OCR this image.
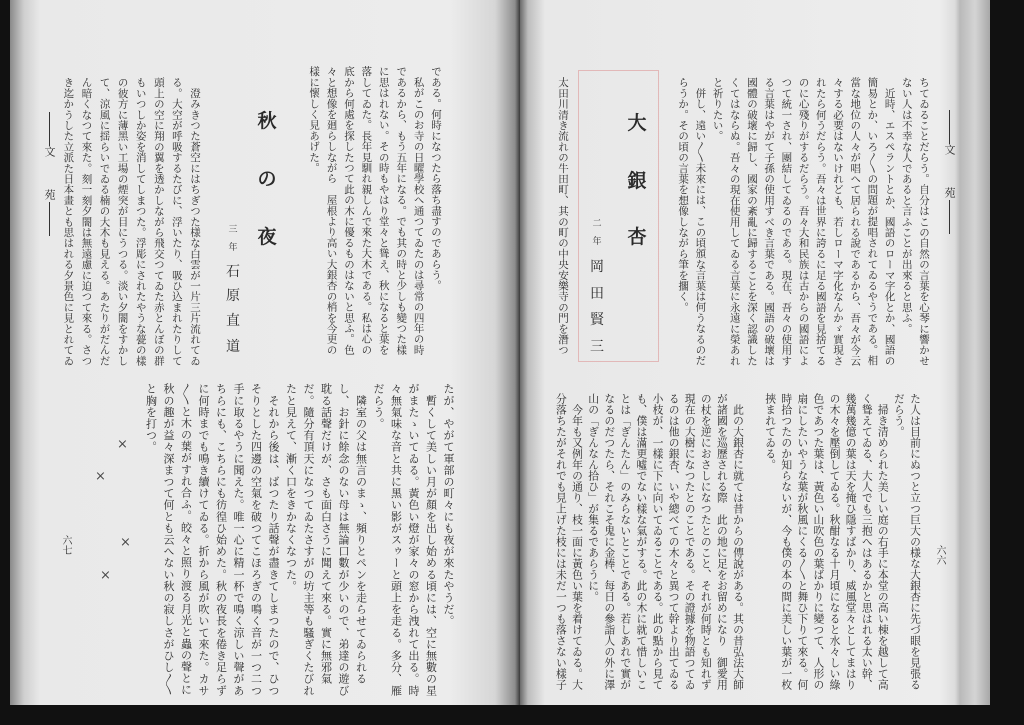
文苑
ちてゐることだらう。自分はこの自然の言葉を心琴に響かせ
ない人は不幸な人であると言ふことが出來ると思ふ。
　近時、エスペラントとか、國語のローマ字化とか、國語の
簡易とか、いろ〳〵の問題が提唱されてゐるやうである。相
當な地位の人々が唱へて居られる說であるから、吾々が今云
々する必要はないけれども、若しローマ字化なんかゞ實現さ
れたら何うだらう。吾々は世界に誇るに足る國語を見捨てる
のに心殘りがするだらう。吾々大和民族は古からの國語によ
つて統一され、團結してゐるのである。現在、吾々の使用す
る言葉はやがて子孫の使用すべき言葉である。國語の破壞は
國體の破壞に歸し、國家の紊亂に歸することを深く認識した
くてはならぬ。吾々の現在使用してゐる言葉に永遠に榮あれ
と祈りたい。
　併し、遠い〳〵未來には、この頃頒な言葉は何うなるのだ
らうか。その頃の言葉を想像しながら筆を擱く。
大
銀
杏
二
年
岡
田
賢
三
太田川清き流れの牛田町、其の町の中央安樂寺の門を潛つ
た人は目前にぬつと立つ巨大の様な大銀杏に先づ眼を見張る
だらう。
　掃き清められた美しい庭の右手に本堂の高い棟を越して高
く聳えてゐる、大人でも三抱へはあるかと思はれる太い幹、
幾萬幾億の葉は天を掩ひ隱すばかり、威風堂々としてまはり
の木々を壓倒してゐる。秋酣なる十月頃になると水々しい綠
色であつた葉は、黃色い山吹色の葉ばかりに變つて、人形の
扇にしたいやうな葉が秋風にくる〳〵と舞ひ下りて來る。何
時拾つたのか知らないが、今も僕の本の間に美しい葉が一枚
挾まれてゐる。
　此の大銀杏に就ては昔からの傳說がある。其の昔弘法大師
が諸國を巡歷される際　此の地に足をお留めになり　御愛用
の杖を逆におさしになつたとのこと、それが何時とも知れず
現在の大樹になつたとのことである。その證據を物語つてゐ
るのは他の銀杏、いや總べての木々と異つて幹より出てゐる
小枝が、一樣に下に向いてゐることである。此の點から見て
も、僕は滿更噓でない樣な氣がする。此の木に就て惜しいこ
とは「ぎんたん」のみらないとことである。若しあれで實が
なるのだつたら、それこそ鬼に金棒、每日の參詣人の外に澤
山の「ぎんなん拾ひ」が集るであらうに。
　今年も又例年の通り、枝一面に黃色い葉を着けてゐる。大
分落ちたがそれでも見上げた枝には未だ一つも落さない樣子	六六
文苑	である。何時になつたら落ち盡すのであらう。
　私がこのお寺の日曜學校へ通つてゐたのは尋常の四年の時
であるから、もう五年になる。でも其の時と少しも變つた樣
に思はれない。その時もやはり堂々と聳え、秋になると葉を
落してゐた。長年見馴れ親しんで來た大木である。私は心の
底から何處を探したつて此の木に優るものはないと思ふ。色
々と想像を廻らしながら　屋根より高い大銀杏の梢を今更の
樣に懷しく見あげた。
秋
の
夜
三
年
石
原
直
道
　澄みきつた蒼空にはちぎつた様な白雲が一片三片流れてゐ
る。大空が呼吸するたびに、浮いたり、吸ひ込まれたりして
頭上の空に翔の翼を透かしながら飛交つてゐた赤とんぼの群
もいつしか姿を消してしまつた。浮彫にされたやうな甍の樣
の彼方に薄黑い工場の煙突が目にうつる。淡い夕闇をすかし
て、涼風に揺らいでゐる楠の大木も見える。あたりがだんだ
ん暗くなつて來た。刻一刻夕闇は無遠慮に迫つて來る。さつ
き迄かうした立派た日本畫とも思はれる夕景色に見とれてゐ
たが、やがて軍部の町々にも夜が來たやうだ。
　暫くして美しい月が顏を出し始める頃には、空に無數の星
がまたゝいてゐる。黃色い燈が家々の窓から洩れて出る。時
々無氣味な音と共に黑い影がスゥーと頭上を走る。多分、雁
だらう。
　隣室の父は無言のまゝ、頻りとペンを走らせてゐられる
し、お針に餘念のない母は無論口數が少いので、弟達の遊び
耽る話聲だけが、さも面白さうに聞えて來る。實に無邪氣
だ。隨分有頂天になつてゐたさすがの坊主等も騷ぎくたびれ
たと見えて、漸く口をきかなくなつた。
　それから後は、ばつたり話聲が盡きてしまつたので、ひつ
そりとした四邊の空氣を破つてこほろぎの鳴く音が一つ二つ
手に取るやうに聞えた。唯一心に精一杯で鳴く涼しい聲があ
ちらにも、こちらにも彷徨ひ始めた。秋の夜長を倦き足らず
に何時までも鳴き續けてゐる。折から風が吹いて來た。カサ
〳〵と木の葉がすれ合ふ。皎々と照り渡る月光と蟲の聲とに
秋の趣が益々深まつて何とも云へない秋の寂しさがひし〳〵
と胸を打つ。
×
×
×
×
六七
